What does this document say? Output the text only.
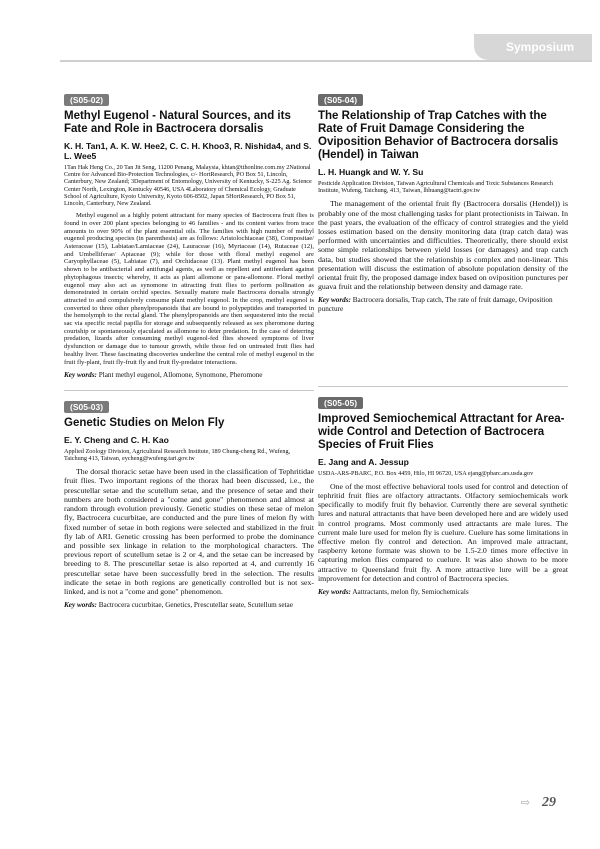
Symposium
(S05-02)
Methyl Eugenol - Natural Sources, and its Fate and Role in Bactrocera dorsalis
K. H. Tan1, A. K. W. Hee2, C. C. H. Khoo3, R. Nishida4, and S. L. Wee5
1Tan Hak Heng Co., 20 Tan Jit Seng, 11200 Penang, Malaysia, khtan@tthonline.com.my 2National Centre for Advanced Bio-Protection Technologies, c/- HortResearch, PO Box 51, Lincoln, Canterbury, New Zealand; 3Department of Entomology, University of Kentucky, S-225 Ag. Science Center North, Lexington, Kentucky 40546, USA 4Laboratory of Chemical Ecology, Graduate School of Agriculture, Kyoto University, Kyoto 606-8502, Japan 5HortResearch, PO Box 51, Lincoln, Canterbury, New Zealand.

Methyl eugenol as a highly potent attractant for many species of Bactrocera fruit flies is found in over 200 plant species belonging to 46 families - and its content varies from trace amounts to over 90% of the plant essential oils. The families with high number of methyl eugenol producing species (in parenthesis) are as follows: Aristolochiaceae (38), Compositae/ Asteraceae (15), Labiatae/Lamiaceae (24), Lauraceae (16), Myrtaceae (14), Rutaceae (12), and Umbelliferae/ Apiaceae (9); while for those with floral methyl eugenol are Caryophyllaceae (5), Labiatae (7), and Orchidaceae (13). Plant methyl eugenol has been shown to be antibacterial and antifungal agents, as well as repellent and antifeedant against phytophagous insects; whereby, it acts as plant allomone or para-allomone. Floral methyl eugenol may also act as synomone in attracting fruit flies to perform pollination as demonstrated in certain orchid species. Sexually mature male Bactrocera dorsalis strongly attracted to and compulsively consume plant methyl eugenol. In the crop, methyl eugenol is converted to three other phenylpropanoids that are bound to polypeptides and transported in the hemolymph to the rectal gland. The phenylpropanoids are then sequestered into the rectal sac via specific rectal papilla for storage and subsequently released as sex pheromone during courtship or spontaneously ejaculated as allomone to deter predation. In the case of deterring predation, lizards after consuming methyl eugenol-fed flies showed symptoms of liver dysfunction or damage due to tumour growth, while those fed on untreated fruit flies had healthy liver. These fascinating discoveries underline the central role of methyl eugenol in the fruit fly-plant, fruit fly-fruit fly and fruit fly-predator interactions.

Key words: Plant methyl eugenol, Allomone, Synomone, Pheromone
(S05-03)
Genetic Studies on Melon Fly
E. Y. Cheng and C. H. Kao
Applied Zoology Division, Agricultural Research Institute, 189 Chung-cheng Rd., Wufeng, Taichung 413, Taiwan, eycheng@wufeng.tari.gov.tw

The dorsal thoracic setae have been used in the classification of Tephritidae fruit flies. Two important regions of the thorax had been discussed, i.e., the prescutellar setae and the scutellum setae, and the presence of setae and their numbers are both considered a "come and gone" phenomenon and almost at random through evolution previously. Genetic studies on these setae of melon fly, Bactrocera cucurbitae, are conducted and the pure lines of melon fly with fixed number of setae in both regions were selected and stabilized in the fruit fly lab of ARI. Genetic crossing has been performed to probe the dominance and possible sex linkage in relation to the morphological characters. The previous report of scutellum setae is 2 or 4, and the setae can be increased by breeding to 8. The prescutellar setae is also reported at 4, and currently 16 prescutellar setae have been successfully bred in the selection. The results indicate the setae in both regions are genetically controlled but is not sex-linked, and is not a "come and gone" phenomenon.

Key words: Bactrocera cucurbitae, Genetics, Prescutellar seate, Scutellum setae
(S05-04)
The Relationship of Trap Catches with the Rate of Fruit Damage Considering the Oviposition Behavior of Bactrocera dorsalis (Hendel) in Taiwan
L. H. Huangk and W. Y. Su
Pesticide Application Division, Taiwan Agricultural Chemicals and Toxic Substances Research Institute, Wufeng, Taichung, 413, Taiwan, lhhuang@tactri.gov.tw

The management of the oriental fruit fly (Bactrocera dorsalis (Hendel)) is probably one of the most challenging tasks for plant protectionists in Taiwan. In the past years, the evaluation of the efficacy of control strategies and the yield losses estimation based on the density monitoring data (trap catch data) was performed with uncertainties and difficulties. Theoretically, there should exist some simple relationships between yield losses (or damages) and trap catch data, but studies showed that the relationship is complex and non-linear. This presentation will discuss the estimation of absolute population density of the oriental fruit fly, the proposed damage index based on oviposition punctures per guava fruit and the relationship between density and damage rate.

Key words: Bactrocera dorsalis, Trap catch, The rate of fruit damage, Oviposition puncture
(S05-05)
Improved Semiochemical Attractant for Area-wide Control and Detection of Bactrocera Species of Fruit Flies
E. Jang and A. Jessup
USDA-ARS-PBARC, P.O. Box 4459, Hilo, HI 96720, USA ejang@pbarc.ars.usda.gov

One of the most effective behavioral tools used for control and detection of tephritid fruit flies are olfactory attractants. Olfactory semiochemicals work specifically to modify fruit fly behavior. Currently there are several synthetic lures and natural attractants that have been developed here and are widely used in control programs. Most commonly used attractants are male lures. The current male lure used for melon fly is cuelure. Cuelure has some limitations in effective melon fly control and detection. An improved male attractant, raspberry ketone formate was shown to be 1.5-2.0 times more effective in capturing melon flies compared to cuelure. It was also shown to be more attractive to Queensland fruit fly. A more attractive lure will be a great improvement for detection and control of Bactrocera species.

Key words: Aattractants, melon fly, Semiochemicals
⇨ 29
